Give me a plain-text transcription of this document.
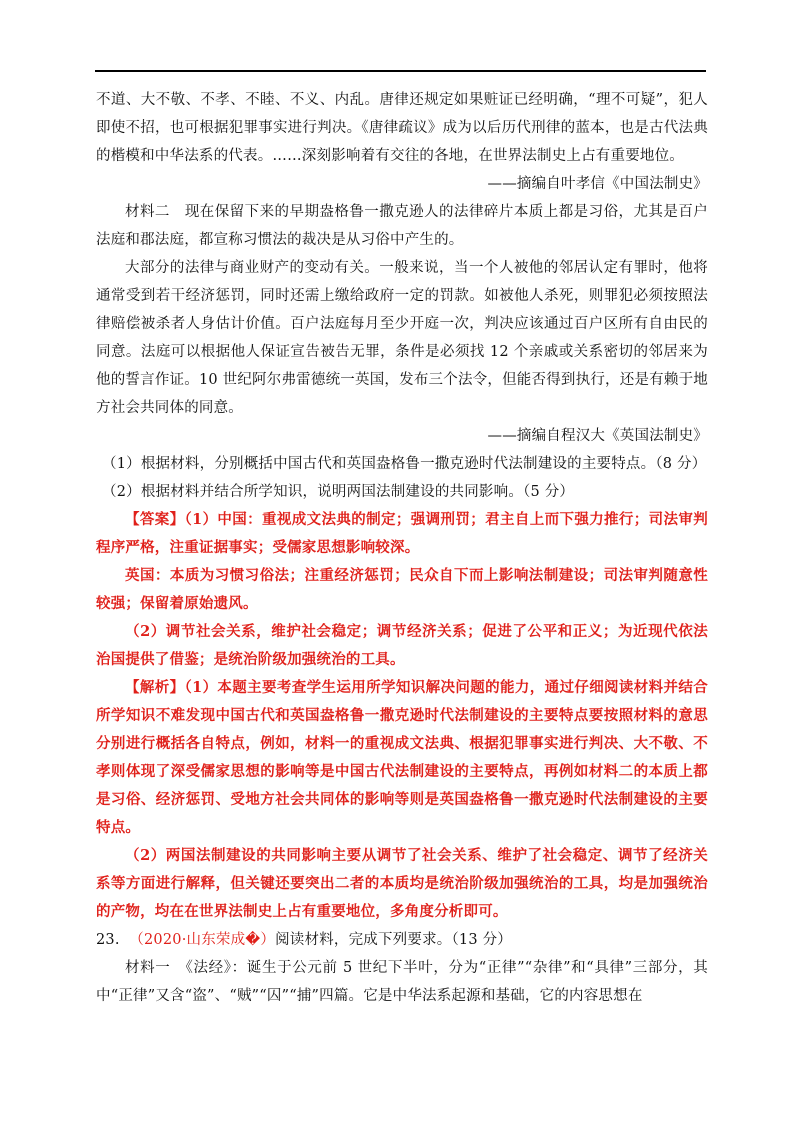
不道、大不敬、不孝、不睦、不义、内乱。唐律还规定如果赃证已经明确，“理不可疑”，犯人即使不招，也可根据犯罪事实进行判决。《唐律疏议》成为以后历代刑律的蓝本，也是古代法典的楷模和中华法系的代表。……深刻影响着有交往的各地，在世界法制史上占有重要地位。

——摘编自叶孝信《中国法制史》

材料二　现在保留下来的早期盎格鲁一撒克逊人的法律碎片本质上都是习俗，尤其是百户法庭和郡法庭，都宣称习惯法的裁决是从习俗中产生的。

大部分的法律与商业财产的变动有关。一般来说，当一个人被他的邻居认定有罪时，他将通常受到若干经济惩罚，同时还需上缴给政府一定的罚款。如被他人杀死，则罪犯必须按照法律赔偿被杀者人身估计价值。百户法庭每月至少开庭一次，判决应该通过百户区所有自由民的同意。法庭可以根据他人保证宣告被告无罪，条件是必须找 12 个亲戚或关系密切的邻居来为他的誓言作证。10 世纪阿尔弗雷德统一英国，发布三个法令，但能否得到执行，还是有赖于地方社会共同体的同意。

——摘编自程汉大《英国法制史》

（1）根据材料，分别概括中国古代和英国盎格鲁一撒克逊时代法制建设的主要特点。（8 分）

（2）根据材料并结合所学知识，说明两国法制建设的共同影响。（5 分）

【答案】（1）中国：重视成文法典的制定；强调刑罚；君主自上而下强力推行；司法审判程序严格，注重证据事实；受儒家思想影响较深。

英国：本质为习惯习俗法；注重经济惩罚；民众自下而上影响法制建设；司法审判随意性较强；保留着原始遗风。

（2）调节社会关系，维护社会稳定；调节经济关系；促进了公平和正义；为近现代依法治国提供了借鉴；是统治阶级加强统治的工具。

【解析】（1）本题主要考查学生运用所学知识解决问题的能力，通过仔细阅读材料并结合所学知识不难发现中国古代和英国盎格鲁一撒克逊时代法制建设的主要特点要按照材料的意思分别进行概括各自特点，例如，材料一的重视成文法典、根据犯罪事实进行判决、大不敬、不孝则体现了深受儒家思想的影响等是中国古代法制建设的主要特点，再例如材料二的本质上都是习俗、经济惩罚、受地方社会共同体的影响等则是英国盎格鲁一撒克逊时代法制建设的主要特点。

（2）两国法制建设的共同影响主要从调节了社会关系、维护了社会稳定、调节了经济关系等方面进行解释，但关键还要突出二者的本质均是统治阶级加强统治的工具，均是加强统治的产物，均在在世界法制史上占有重要地位，多角度分析即可。

23. （2020·山东荣成�）阅读材料，完成下列要求。（13 分）

材料一　《法经》：诞生于公元前 5 世纪下半叶，分为“正律”“杂律”和“具律”三部分，其中“正律”又含“盗”、“贼”“囚”“捕”四篇。它是中华法系起源和基础，它的内容思想在
